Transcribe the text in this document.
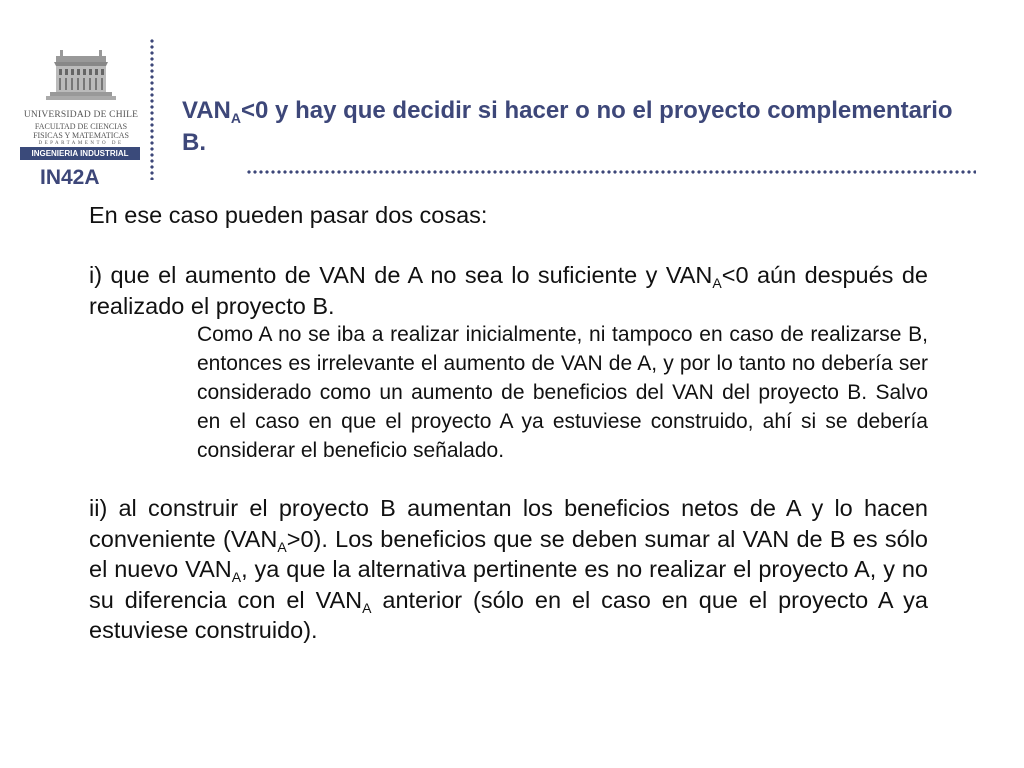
UNIVERSIDAD DE CHILE
FACULTAD DE CIENCIAS
FISICAS Y MATEMATICAS
DEPARTAMENTO DE
INGENIERIA INDUSTRIAL
IN42A
$VAN_A<0$ y hay que decidir si hacer o no el proyecto complementario B.
En ese caso pueden pasar dos cosas:
i) que el aumento de VAN de A no sea lo suficiente y $VAN_A<0$ aún después de realizado el proyecto B.
Como A no se iba a realizar inicialmente, ni tampoco en caso de realizarse B, entonces es irrelevante el aumento de VAN de A, y por lo tanto no debería ser considerado como un aumento de beneficios del VAN del proyecto B. Salvo en el caso en que el proyecto A ya estuviese construido, ahí si se debería considerar el beneficio señalado.
ii) al construir el proyecto B aumentan los beneficios netos de A y lo hacen conveniente $(VAN_A>0)$. Los beneficios que se deben sumar al VAN de B es sólo el nuevo $VAN_A$, ya que la alternativa pertinente es no realizar el proyecto A, y no su diferencia con el $VAN_A$ anterior (sólo en el caso en que el proyecto A ya estuviese construido).
